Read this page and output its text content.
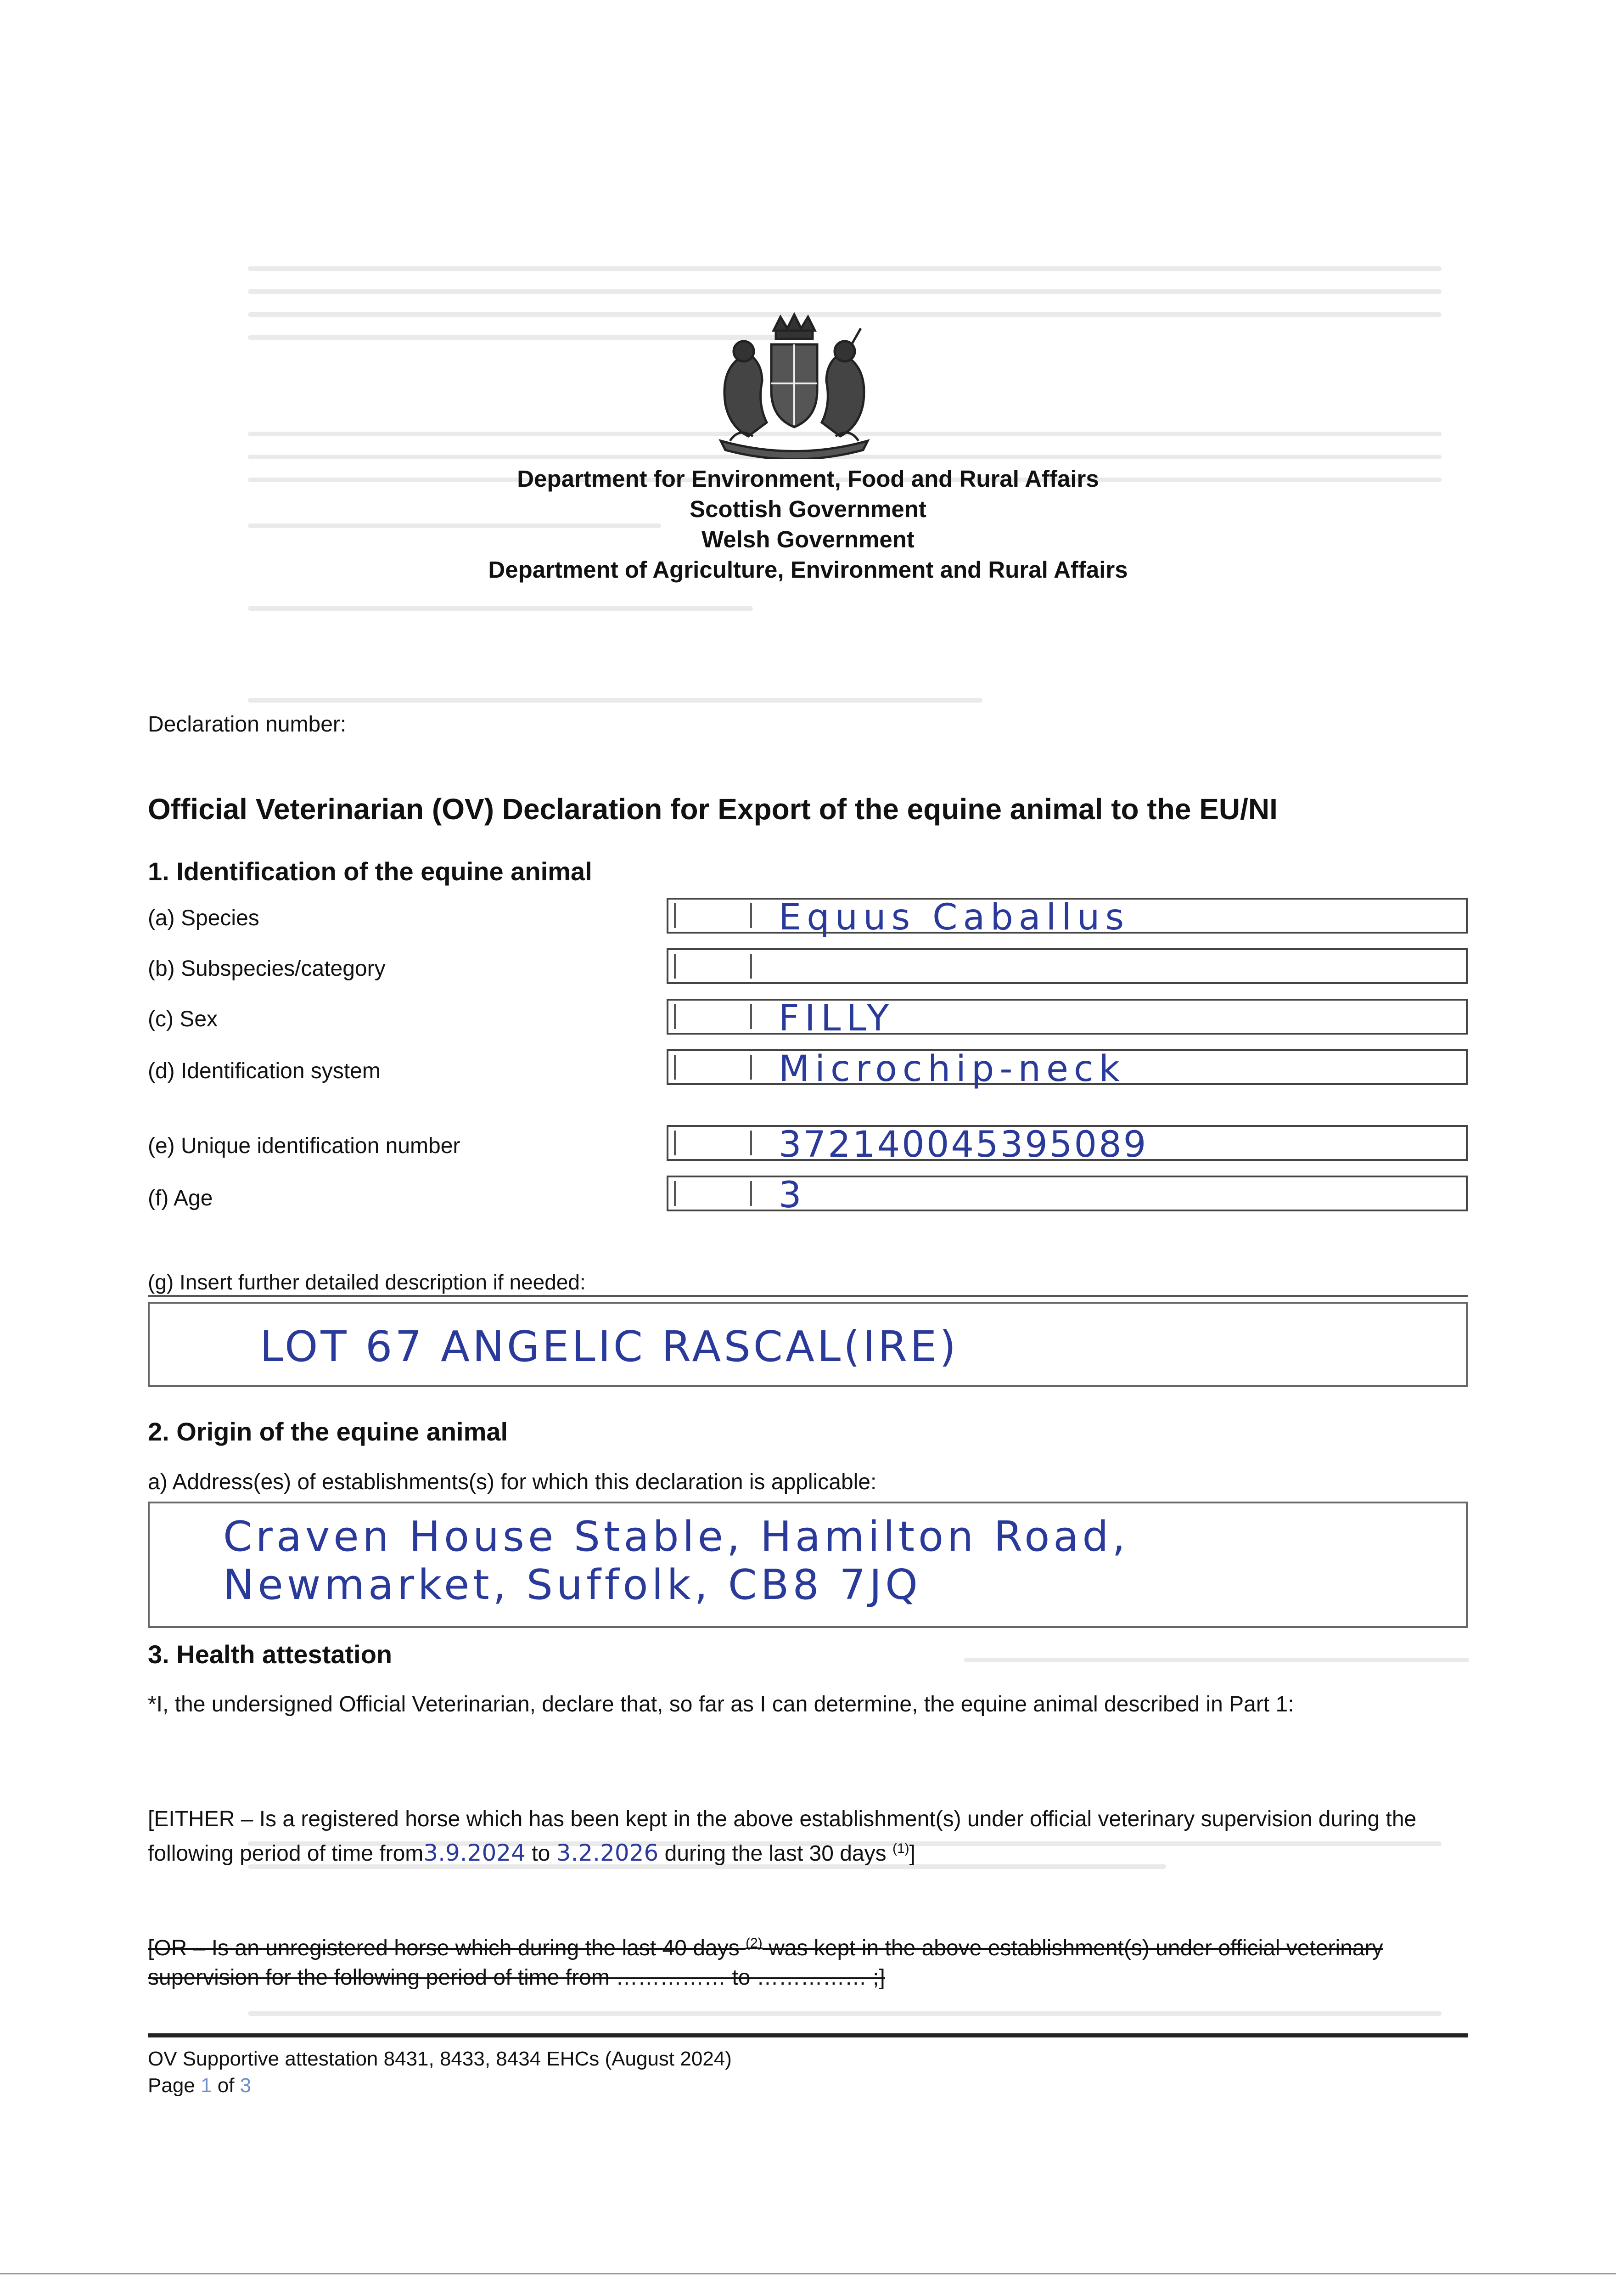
Department for Environment, Food and Rural Affairs
Scottish Government
Welsh Government
Department of Agriculture, Environment and Rural Affairs
Declaration number:
Official Veterinarian (OV) Declaration for Export of the equine animal to the EU/NI
1. Identification of the equine animal
(a) Species	Equus Caballus
(b) Subspecies/category
(c) Sex	FILLY
(d) Identification system	Microchip-neck
(e) Unique identification number	372140045395089
(f) Age	3
(g) Insert further detailed description if needed:
LOT 67 ANGELIC RASCAL(IRE)
2. Origin of the equine animal
a) Address(es) of establishments(s) for which this declaration is applicable:
Craven House Stable, Hamilton Road,
Newmarket, Suffolk, CB8 7JQ
3. Health attestation
*I, the undersigned Official Veterinarian, declare that, so far as I can determine, the equine animal described in Part 1:
[EITHER – Is a registered horse which has been kept in the above establishment(s) under official veterinary supervision during the following period of time from3.9.2024 to 3.2.2026 during the last 30 days $^{(1)}$]
[OR – Is an unregistered horse which during the last 40 days $^{(2)}$ was kept in the above establishment(s) under official veterinary supervision for the following period of time from …………… to …………… ;]
OV Supportive attestation 8431, 8433, 8434 EHCs (August 2024)
Page 1 of 3
